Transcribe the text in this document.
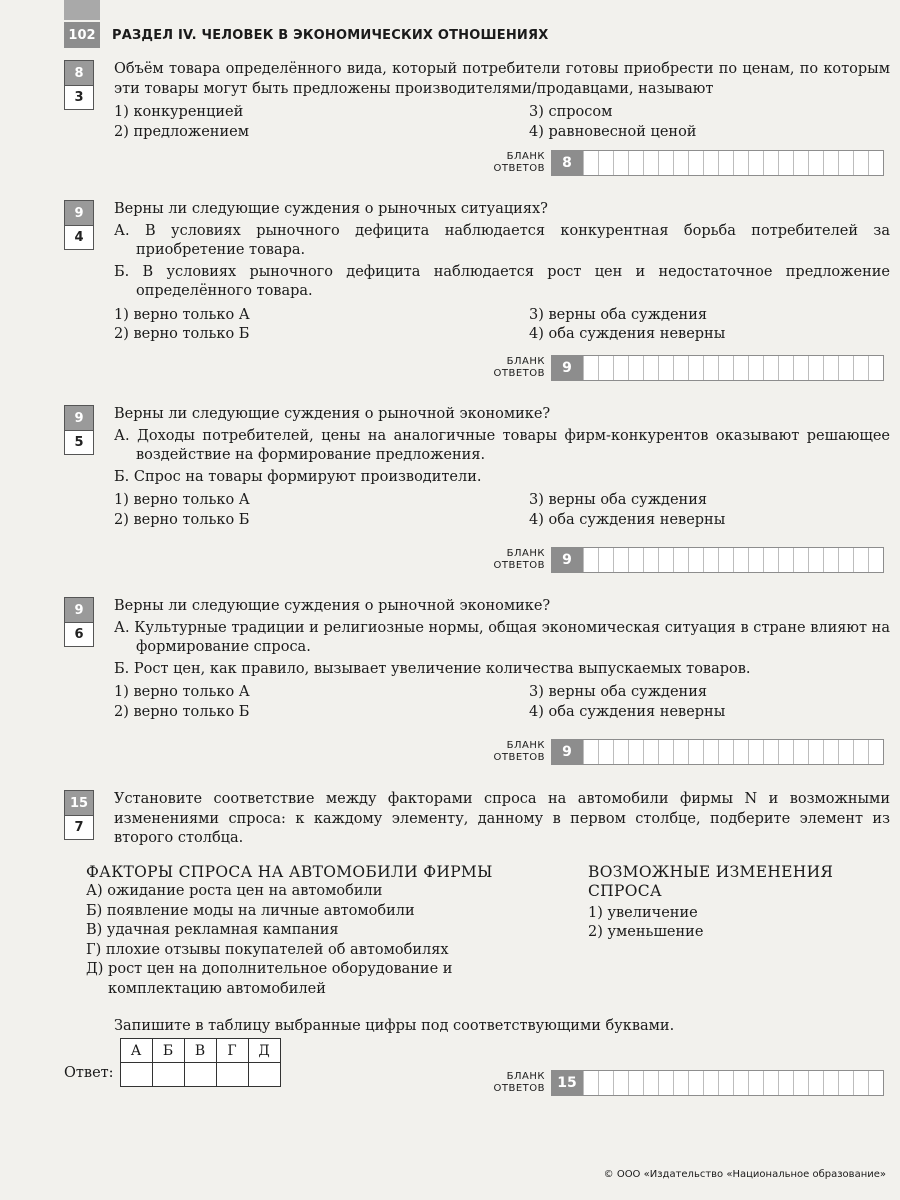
102	РАЗДЕЛ IV. ЧЕЛОВЕК В ЭКОНОМИЧЕСКИХ ОТНОШЕНИЯХ
8
3
Объём товара определённого вида, который потребители готовы приобрести по ценам, по которым эти товары могут быть предложены производителями/продавцами, называют
1) конкуренцией	3) спросом
2) предложением	4) равновесной ценой
БЛАНК
ОТВЕТОВ	8
9
4
Верны ли следующие суждения о рыночных ситуациях?
А. В условиях рыночного дефицита наблюдается конкурентная борьба потребителей за приобретение товара.
Б. В условиях рыночного дефицита наблюдается рост цен и недостаточное предложение определённого товара.
1) верно только А	3) верны оба суждения
2) верно только Б	4) оба суждения неверны
БЛАНК
ОТВЕТОВ	9
9
5
Верны ли следующие суждения о рыночной экономике?
А. Доходы потребителей, цены на аналогичные товары фирм-конкурентов оказывают решающее воздействие на формирование предложения.
Б. Спрос на товары формируют производители.
1) верно только А	3) верны оба суждения
2) верно только Б	4) оба суждения неверны
БЛАНК
ОТВЕТОВ	9
9
6
Верны ли следующие суждения о рыночной экономике?
А. Культурные традиции и религиозные нормы, общая экономическая ситуация в стране влияют на формирование спроса.
Б. Рост цен, как правило, вызывает увеличение количества выпускаемых товаров.
1) верно только А	3) верны оба суждения
2) верно только Б	4) оба суждения неверны
БЛАНК
ОТВЕТОВ	9
15
7
Установите соответствие между факторами спроса на автомобили фирмы N и возможными изменениями спроса: к каждому элементу, данному в первом столбце, подберите элемент из второго столбца.
ФАКТОРЫ СПРОСА НА АВТОМОБИЛИ ФИРМЫ
А) ожидание роста цен на автомобили
Б) появление моды на личные автомобили
В) удачная рекламная кампания
Г) плохие отзывы покупателей об автомобилях
Д) рост цен на дополнительное оборудование и комплектацию автомобилей
ВОЗМОЖНЫЕ ИЗМЕНЕНИЯ СПРОСА
1) увеличение
2) уменьшение
Запишите в таблицу выбранные цифры под соответствующими буквами.
Ответ:
А	Б	В	Г	Д

БЛАНК
ОТВЕТОВ 15
© ООО «Издательство «Национальное образование»
